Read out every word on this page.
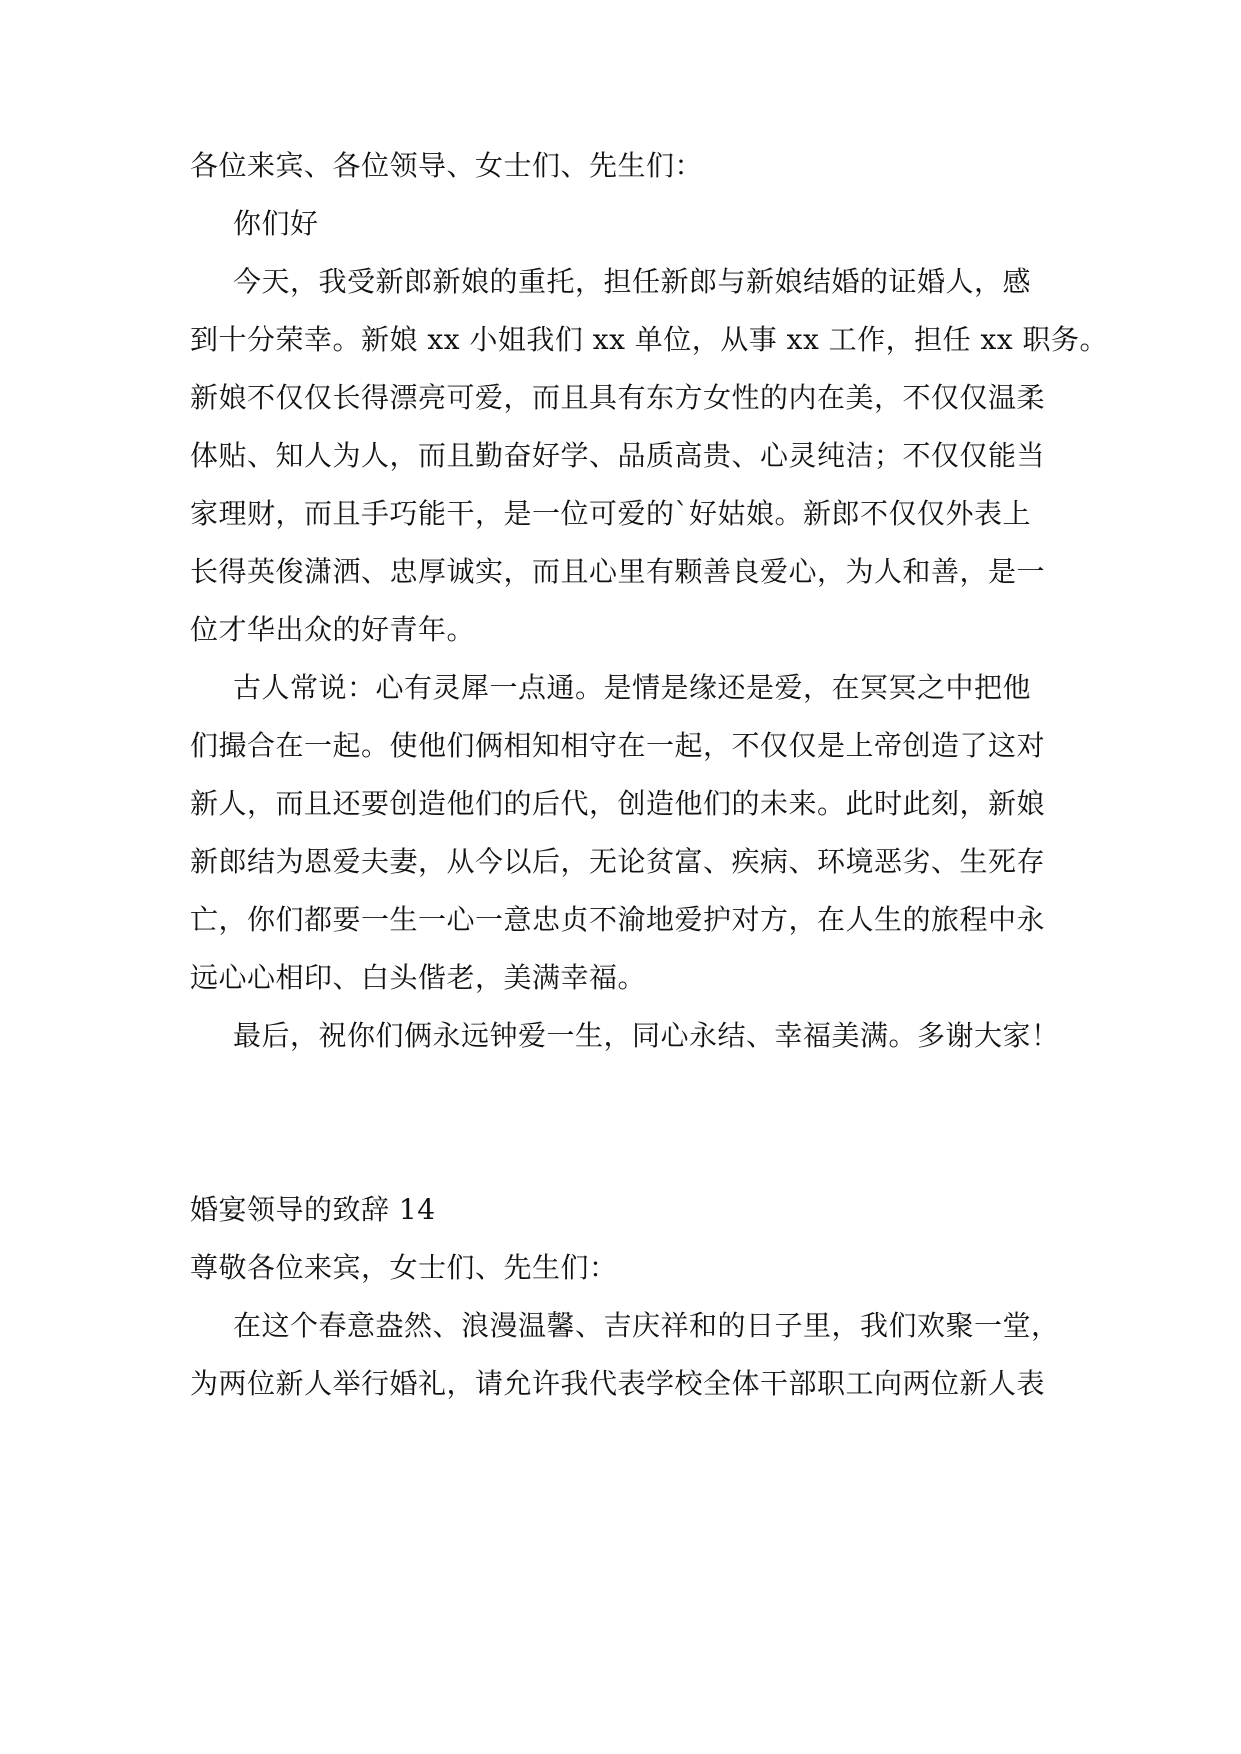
各位来宾、各位领导、女士们、先生们：

你们好

今天，我受新郎新娘的重托，担任新郎与新娘结婚的证婚人，感

到十分荣幸。新娘 xx 小姐我们 xx 单位，从事 xx 工作，担任 xx 职务。

新娘不仅仅长得漂亮可爱，而且具有东方女性的内在美，不仅仅温柔

体贴、知人为人，而且勤奋好学、品质高贵、心灵纯洁；不仅仅能当

家理财，而且手巧能干，是一位可爱的`好姑娘。新郎不仅仅外表上

长得英俊潇洒、忠厚诚实，而且心里有颗善良爱心，为人和善，是一

位才华出众的好青年。

古人常说：心有灵犀一点通。是情是缘还是爱，在冥冥之中把他

们撮合在一起。使他们俩相知相守在一起，不仅仅是上帝创造了这对

新人，而且还要创造他们的后代，创造他们的未来。此时此刻，新娘

新郎结为恩爱夫妻，从今以后，无论贫富、疾病、环境恶劣、生死存

亡，你们都要一生一心一意忠贞不渝地爱护对方，在人生的旅程中永

远心心相印、白头偕老，美满幸福。

最后，祝你们俩永远钟爱一生，同心永结、幸福美满。多谢大家！

婚宴领导的致辞 14

尊敬各位来宾，女士们、先生们：

在这个春意盎然、浪漫温馨、吉庆祥和的日子里，我们欢聚一堂，

为两位新人举行婚礼，请允许我代表学校全体干部职工向两位新人表
